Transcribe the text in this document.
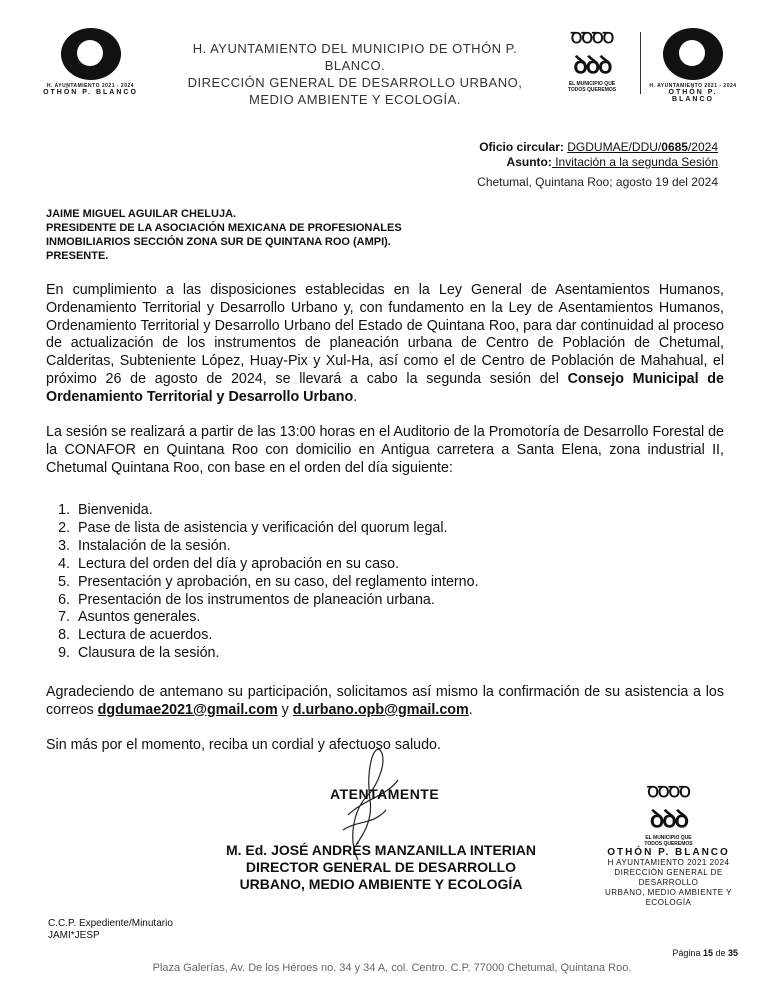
H. AYUNTAMIENTO 2021 - 2024
OTHÓN P. BLANCO
H. AYUNTAMIENTO DEL MUNICIPIO DE OTHÓN P.
BLANCO.
DIRECCIÓN GENERAL DE DESARROLLO URBANO,
MEDIO AMBIENTE Y ECOLOGÍA.
ꝹꝹꝹꝹ
ꝺꝺꝺ
EL MUNICIPIO QUE
TODOS QUEREMOS
H. AYUNTAMIENTO 2021 - 2024
OTHÓN P. BLANCO
Oficio circular: DGDUMAE/DDU/0685/2024
Asunto: Invitación a la segunda Sesión
Chetumal, Quintana Roo; agosto 19 del 2024
JAIME MIGUEL AGUILAR CHELUJA.
PRESIDENTE DE LA ASOCIACIÓN MEXICANA DE PROFESIONALES
INMOBILIARIOS SECCIÓN ZONA SUR DE QUINTANA ROO (AMPI).
PRESENTE.
En cumplimiento a las disposiciones establecidas en la Ley General de Asentamientos Humanos, Ordenamiento Territorial y Desarrollo Urbano y, con fundamento en la Ley de Asentamientos Humanos, Ordenamiento Territorial y Desarrollo Urbano del Estado de Quintana Roo, para dar continuidad al proceso de actualización de los instrumentos de planeación urbana de Centro de Población de Chetumal, Calderitas, Subteniente López, Huay-Pix y Xul-Ha, así como el de Centro de Población de Mahahual, el próximo 26 de agosto de 2024, se llevará a cabo la segunda sesión del Consejo Municipal de Ordenamiento Territorial y Desarrollo Urbano.
La sesión se realizará a partir de las 13:00 horas en el Auditorio de la Promotoría de Desarrollo Forestal de la CONAFOR en Quintana Roo con domicilio en Antigua carretera a Santa Elena, zona industrial II, Chetumal Quintana Roo, con base en el orden del día siguiente:
1. Bienvenida.
2. Pase de lista de asistencia y verificación del quorum legal.
3. Instalación de la sesión.
4. Lectura del orden del día y aprobación en su caso.
5. Presentación y aprobación, en su caso, del reglamento interno.
6. Presentación de los instrumentos de planeación urbana.
7. Asuntos generales.
8. Lectura de acuerdos.
9. Clausura de la sesión.
Agradeciendo de antemano su participación, solicitamos así mismo la confirmación de su asistencia a los correos dgdumae2021@gmail.com y d.urbano.opb@gmail.com.
Sin más por el momento, reciba un cordial y afectuoso saludo.
ATENTAMENTE
M. Ed. JOSÉ ANDRÉS MANZANILLA INTERIAN
DIRECTOR GENERAL DE DESARROLLO
URBANO, MEDIO AMBIENTE Y ECOLOGÍA
ꝹꝹꝹꝹ
ꝺꝺꝺ
EL MUNICIPIO QUE
TODOS QUEREMOS
OTHÓN P. BLANCO
H AYUNTAMIENTO 2021 2024
DIRECCIÓN GENERAL DE DESARROLLO
URBANO, MEDIO AMBIENTE Y ECOLOGÍA
C.C.P. Expediente/Minutario
JAMI*JESP
Página 15 de 35
Plaza Galerías, Av. De los Héroes no. 34 y 34 A, col. Centro. C.P. 77000 Chetumal, Quintana Roo.
